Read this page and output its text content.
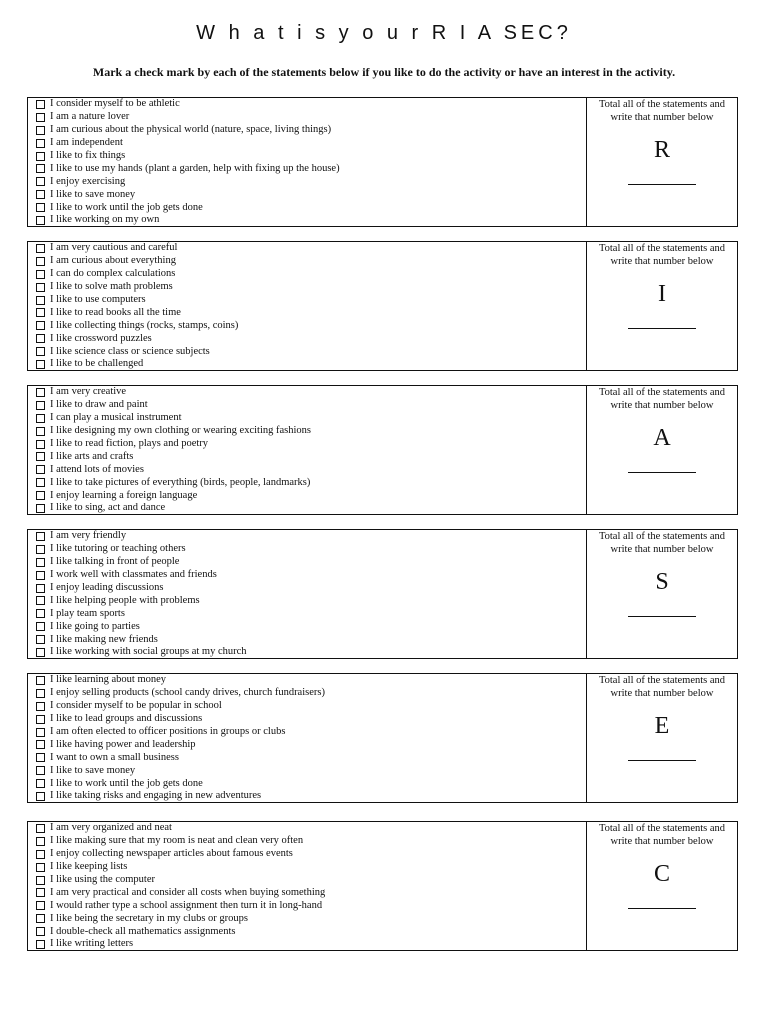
W h a t i s y o u r R I A SEC?
Mark a check mark by each of the statements below if you like to do the activity or have an interest in the activity.
I consider myself to be athletic
I am a nature lover
I am curious about the physical world (nature, space, living things)
I am independent
I like to fix things
I like to use my hands (plant a garden, help with fixing up the house)
I enjoy exercising
I like to save money
I like to work until the job gets done
I like working on my own
Total all of the statements and
write that number below
R
I am very cautious and careful
I am curious about everything
I can do complex calculations
I like to solve math problems
I like to use computers
I like to read books all the time
I like collecting things (rocks, stamps, coins)
I like crossword puzzles
I like science class or science subjects
I like to be challenged
Total all of the statements and
write that number below
I
I am very creative
I like to draw and paint
I can play a musical instrument
I like designing my own clothing or wearing exciting fashions
I like to read fiction, plays and poetry
I like arts and crafts
I attend lots of movies
I like to take pictures of everything (birds, people, landmarks)
I enjoy learning a foreign language
I like to sing, act and dance
Total all of the statements and
write that number below
A
I am very friendly
I like tutoring or teaching others
I like talking in front of people
I work well with classmates and friends
I enjoy leading discussions
I like helping people with problems
I play team sports
I like going to parties
I like making new friends
I like working with social groups at my church
Total all of the statements and
write that number below
S
I like learning about money
I enjoy selling products (school candy drives, church fundraisers)
I consider myself to be popular in school
I like to lead groups and discussions
I am often elected to officer positions in groups or clubs
I like having power and leadership
I want to own a small business
I like to save money
I like to work until the job gets done
I like taking risks and engaging in new adventures
Total all of the statements and
write that number below
E
I am very organized and neat
I like making sure that my room is neat and clean very often
I enjoy collecting newspaper articles about famous events
I like keeping lists
I like using the computer
I am very practical and consider all costs when buying something
I would rather type a school assignment then turn it in long-hand
I like being the secretary in my clubs or groups
I double-check all mathematics assignments
I like writing letters
Total all of the statements and
write that number below
C
